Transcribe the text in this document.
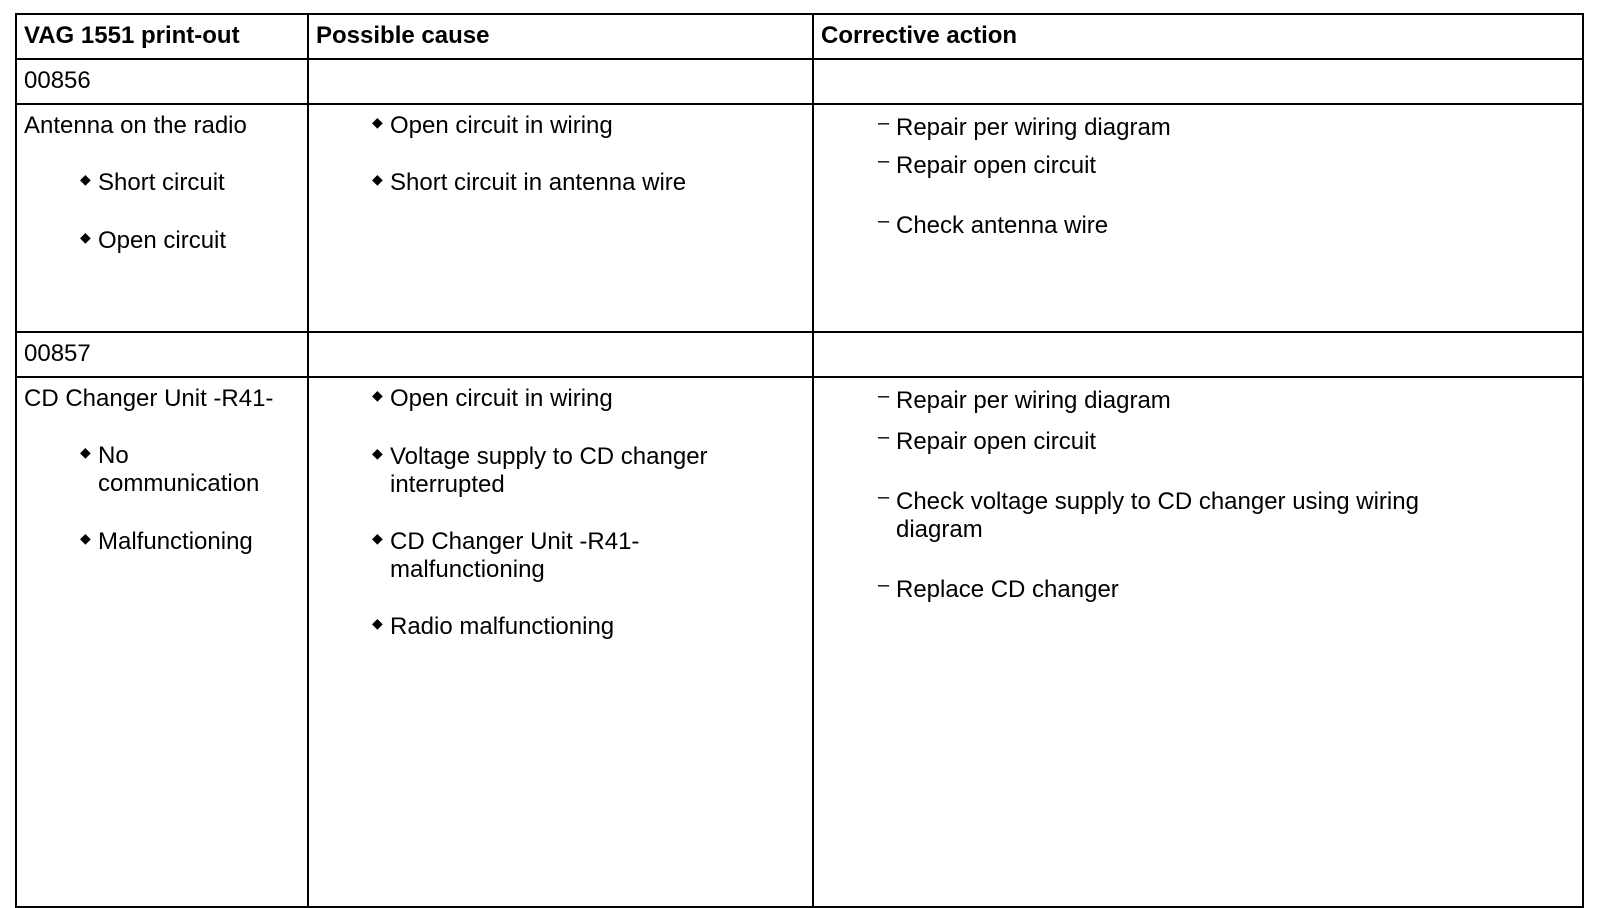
VAG 1551 print-out	Possible cause	Corrective action
00856
Antenna on the radio
◆ Short circuit
◆ Open circuit
◆ Open circuit in wiring
◆ Short circuit in antenna wire
– Repair per wiring diagram
– Repair open circuit
– Check antenna wire
00857
CD Changer Unit -R41-
◆ No communication
◆ Malfunctioning
◆ Open circuit in wiring
◆ Voltage supply to CD changer interrupted
◆ CD Changer Unit -R41- malfunctioning
◆ Radio malfunctioning
– Repair per wiring diagram
– Repair open circuit
– Check voltage supply to CD changer using wiring diagram
– Replace CD changer
